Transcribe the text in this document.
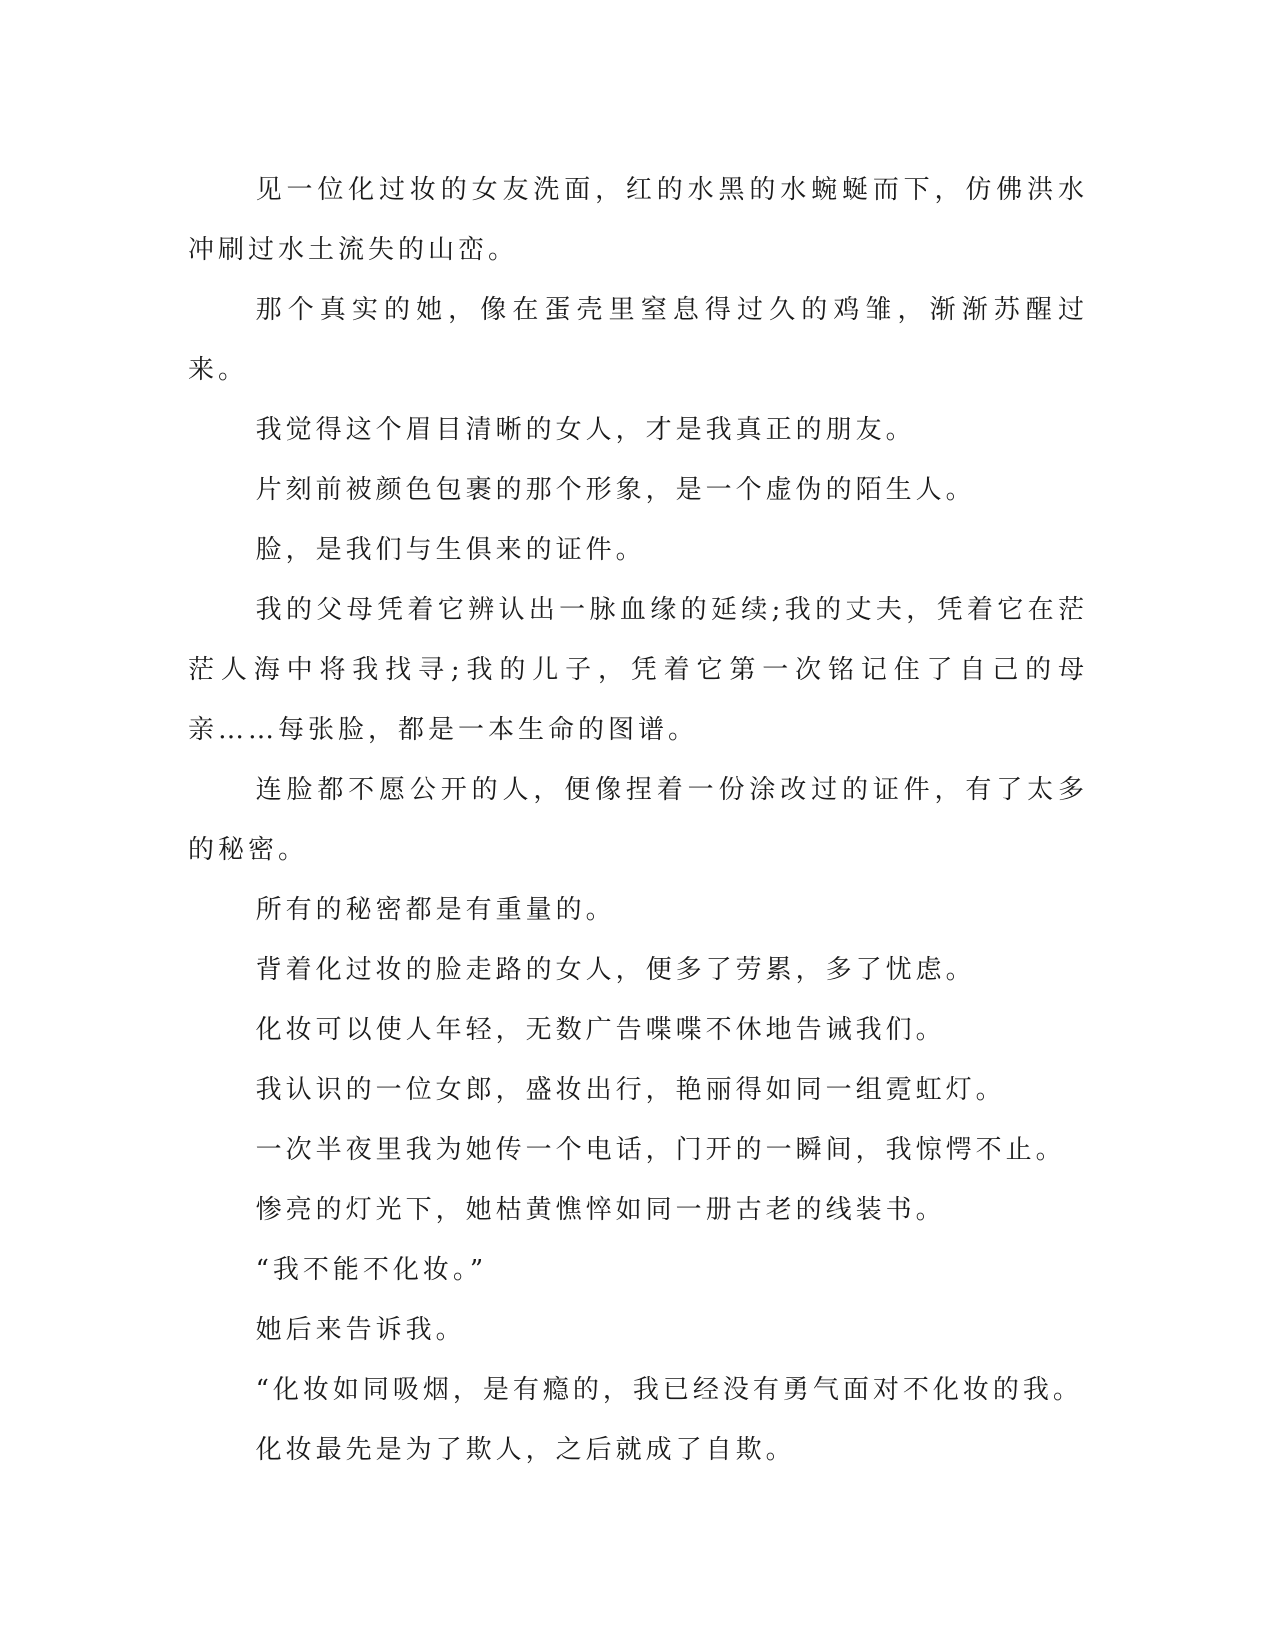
见一位化过妆的女友洗面，红的水黑的水蜿蜒而下，仿佛洪水冲刷过水土流失的山峦。

那个真实的她，像在蛋壳里窒息得过久的鸡雏，渐渐苏醒过来。

我觉得这个眉目清晰的女人，才是我真正的朋友。

片刻前被颜色包裹的那个形象，是一个虚伪的陌生人。

脸，是我们与生俱来的证件。

我的父母凭着它辨认出一脉血缘的延续;我的丈夫，凭着它在茫茫人海中将我找寻;我的儿子，凭着它第一次铭记住了自己的母亲……每张脸，都是一本生命的图谱。

连脸都不愿公开的人，便像捏着一份涂改过的证件，有了太多的秘密。

所有的秘密都是有重量的。

背着化过妆的脸走路的女人，便多了劳累，多了忧虑。

化妆可以使人年轻，无数广告喋喋不休地告诫我们。

我认识的一位女郎，盛妆出行，艳丽得如同一组霓虹灯。

一次半夜里我为她传一个电话，门开的一瞬间，我惊愕不止。

惨亮的灯光下，她枯黄憔悴如同一册古老的线装书。

“我不能不化妆。”

她后来告诉我。

“化妆如同吸烟，是有瘾的，我已经没有勇气面对不化妆的我。

化妆最先是为了欺人，之后就成了自欺。
